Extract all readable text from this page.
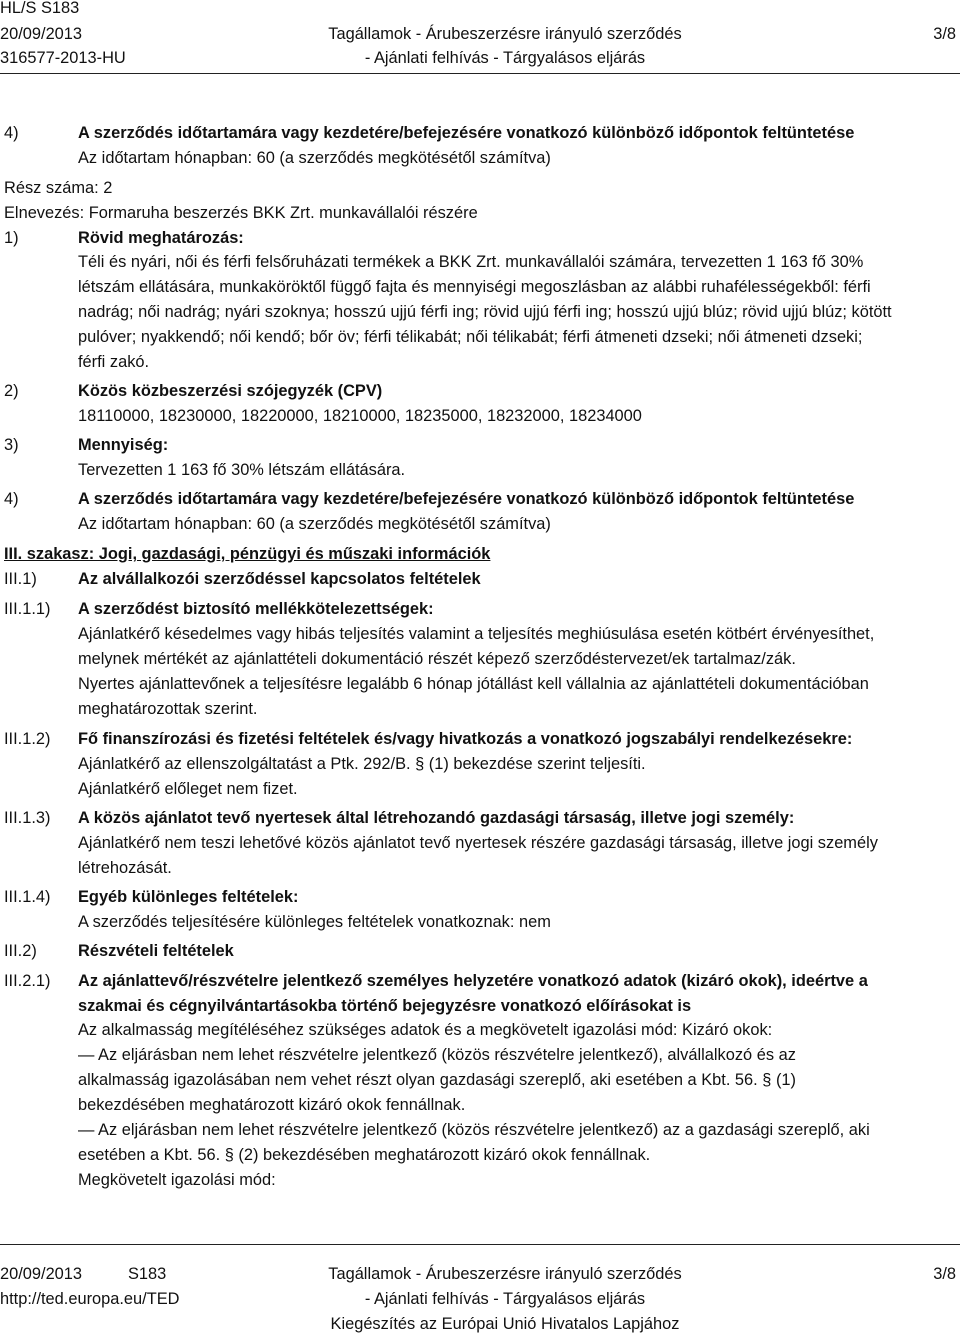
HL/S S183
20/09/2013
316577-2013-HU
Tagállamok - Árubeszerzésre irányuló szerződés
- Ajánlati felhívás - Tárgyalásos eljárás
3/8
4)	A szerződés időtartamára vagy kezdetére/befejezésére vonatkozó különböző időpontok feltüntetése
Az időtartam hónapban: 60 (a szerződés megkötésétől számítva)
Rész száma: 2
Elnevezés: Formaruha beszerzés BKK Zrt. munkavállalói részére
1)	Rövid meghatározás:
Téli és nyári, női és férfi felsőruházati termékek a BKK Zrt. munkavállalói számára, tervezetten 1 163 fő 30%
létszám ellátására, munkaköröktől függő fajta és mennyiségi megoszlásban az alábbi ruhafélességekből: férfi
nadrág; női nadrág; nyári szoknya; hosszú ujjú férfi ing; rövid ujjú férfi ing; hosszú ujjú blúz; rövid ujjú blúz; kötött
pulóver; nyakkendő; női kendő; bőr öv; férfi télikabát; női télikabát; férfi átmeneti dzseki; női átmeneti dzseki;
férfi zakó.
2)	Közös közbeszerzési szójegyzék (CPV)
18110000, 18230000, 18220000, 18210000, 18235000, 18232000, 18234000
3)	Mennyiség:
Tervezetten 1 163 fő 30% létszám ellátására.
4)	A szerződés időtartamára vagy kezdetére/befejezésére vonatkozó különböző időpontok feltüntetése
Az időtartam hónapban: 60 (a szerződés megkötésétől számítva)
III. szakasz: Jogi, gazdasági, pénzügyi és műszaki információk
III.1)	Az alvállalkozói szerződéssel kapcsolatos feltételek
III.1.1) A szerződést biztosító mellékkötelezettségek:
Ajánlatkérő késedelmes vagy hibás teljesítés valamint a teljesítés meghiúsulása esetén kötbért érvényesíthet,
melynek mértékét az ajánlattételi dokumentáció részét képező szerződéstervezet/ek tartalmaz/zák.
Nyertes ajánlattevőnek a teljesítésre legalább 6 hónap jótállást kell vállalnia az ajánlattételi dokumentációban
meghatározottak szerint.
III.1.2) Fő finanszírozási és fizetési feltételek és/vagy hivatkozás a vonatkozó jogszabályi rendelkezésekre:
Ajánlatkérő az ellenszolgáltatást a Ptk. 292/B. § (1) bekezdése szerint teljesíti.
Ajánlatkérő előleget nem fizet.
III.1.3) A közös ajánlatot tevő nyertesek által létrehozandó gazdasági társaság, illetve jogi személy:
Ajánlatkérő nem teszi lehetővé közös ajánlatot tevő nyertesek részére gazdasági társaság, illetve jogi személy
létrehozását.
III.1.4) Egyéb különleges feltételek:
A szerződés teljesítésére különleges feltételek vonatkoznak: nem
III.2)	Részvételi feltételek
III.2.1) Az ajánlattevő/részvételre jelentkező személyes helyzetére vonatkozó adatok (kizáró okok), ideértve a
szakmai és cégnyilvántartásokba történő bejegyzésre vonatkozó előírásokat is
Az alkalmasság megítéléséhez szükséges adatok és a megkövetelt igazolási mód: Kizáró okok:
— Az eljárásban nem lehet részvételre jelentkező (közös részvételre jelentkező), alvállalkozó és az
alkalmasság igazolásában nem vehet részt olyan gazdasági szereplő, aki esetében a Kbt. 56. § (1)
bekezdésében meghatározott kizáró okok fennállnak.
— Az eljárásban nem lehet részvételre jelentkező (közös részvételre jelentkező) az a gazdasági szereplő, aki
esetében a Kbt. 56. § (2) bekezdésében meghatározott kizáró okok fennállnak.
Megkövetelt igazolási mód:
20/09/2013	S183
http://ted.europa.eu/TED
Tagállamok - Árubeszerzésre irányuló szerződés
- Ajánlati felhívás - Tárgyalásos eljárás
Kiegészítés az Európai Unió Hivatalos Lapjához
3/8
